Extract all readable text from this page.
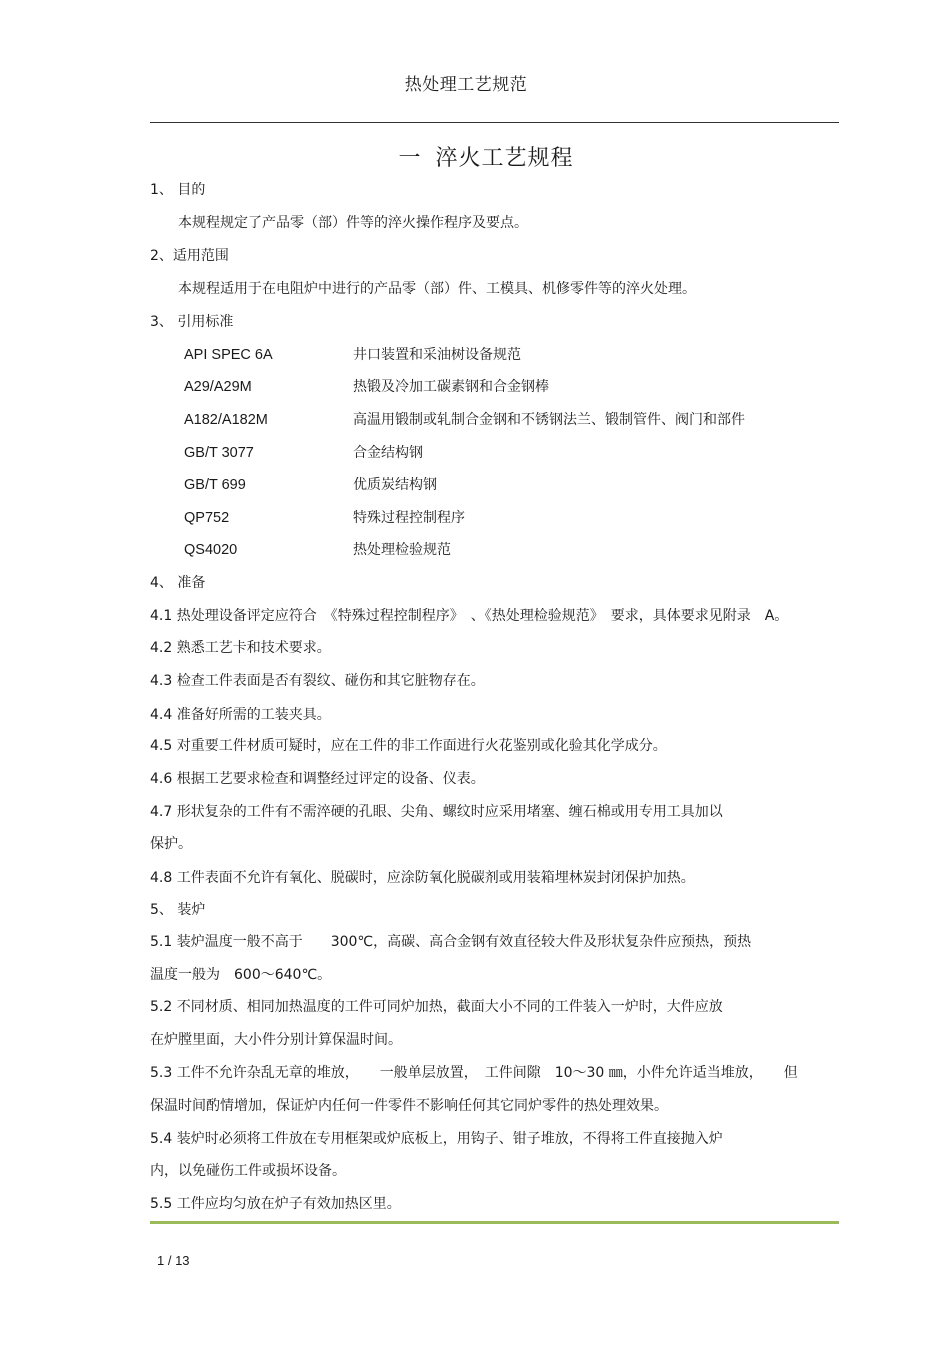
热处理工艺规范
一 淬火工艺规程
1、 目的
本规程规定了产品零（部）件等的淬火操作程序及要点。
2、适用范围
本规程适用于在电阻炉中进行的产品零（部）件、工模具、机修零件等的淬火处理。
3、 引用标准
API SPEC 6A	井口装置和采油树设备规范
A29/A29M	热锻及冷加工碳素钢和合金钢棒
A182/A182M	高温用锻制或轧制合金钢和不锈钢法兰、锻制管件、阀门和部件
GB/T 3077	合金结构钢
GB/T 699	优质炭结构钢
QP752	特殊过程控制程序
QS4020	热处理检验规范
4、 准备
4.1 热处理设备评定应符合　《特殊过程控制程序》　、《热处理检验规范》　要求，具体要求见附录　A。
4.2 熟悉工艺卡和技术要求。
4.3 检查工件表面是否有裂纹、碰伤和其它脏物存在。
4.4 准备好所需的工装夹具。
4.5 对重要工件材质可疑时，应在工件的非工作面进行火花鉴别或化验其化学成分。
4.6 根据工艺要求检查和调整经过评定的设备、仪表。
4.7 形状复杂的工件有不需淬硬的孔眼、尖角、螺纹时应采用堵塞、缠石棉或用专用工具加以
保护。
4.8 工件表面不允许有氧化、脱碳时，应涂防氧化脱碳剂或用装箱埋林炭封闭保护加热。
5、 装炉
5.1 装炉温度一般不高于　　300℃，高碳、高合金钢有效直径较大件及形状复杂件应预热，预热
温度一般为　600～640℃。
5.2 不同材质、相同加热温度的工件可同炉加热，截面大小不同的工件装入一炉时，大件应放
在炉膛里面，大小件分别计算保温时间。
5.3 工件不允许杂乱无章的堆放，　　一般单层放置，　工件间隙　10～30 ㎜，小件允许适当堆放，　　但
保温时间酌情增加，保证炉内任何一件零件不影响任何其它同炉零件的热处理效果。
5.4 装炉时必须将工件放在专用框架或炉底板上，用钩子、钳子堆放，不得将工件直接抛入炉
内，以免碰伤工件或损坏设备。
5.5 工件应均匀放在炉子有效加热区里。
1 / 13
